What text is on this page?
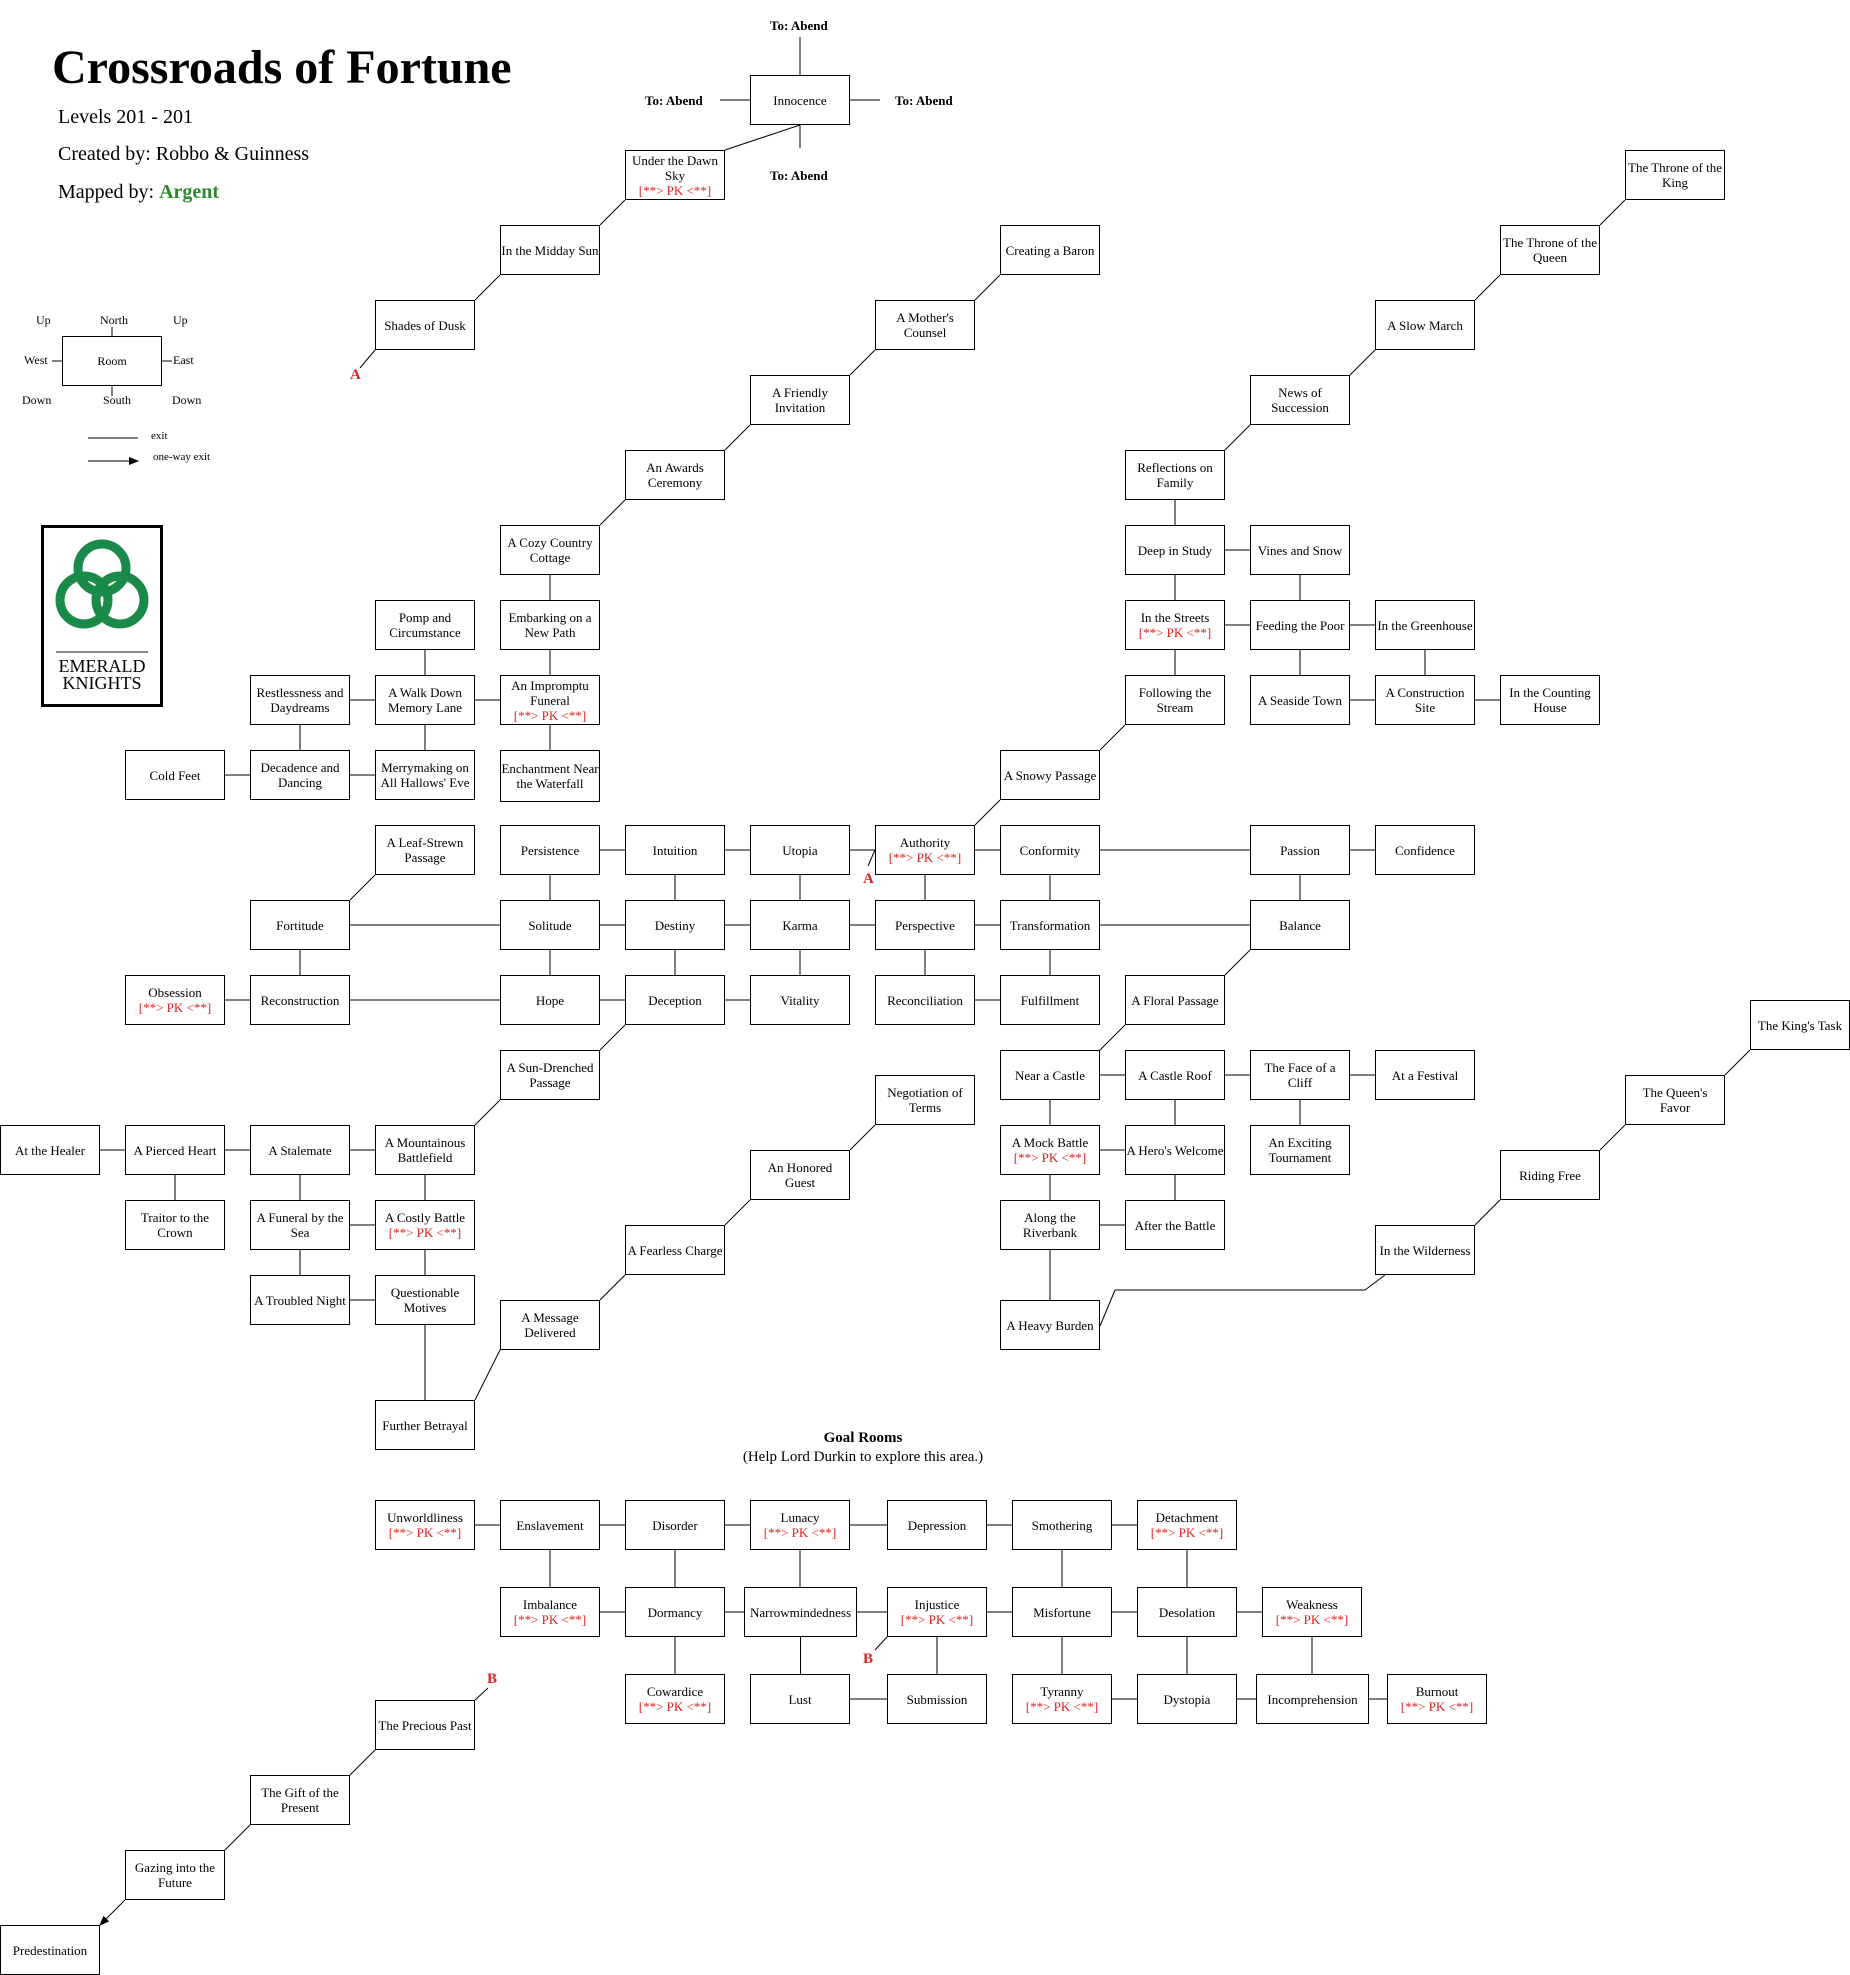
Crossroads of Fortune
Levels 201 - 201
Created by: Robbo & Guinness
Mapped by: Argent
Up	North	Up
West	Room	East
Down	South	Down
exit
one-way exit
EMERALD
KNIGHTS
To: Abend
To: Abend	To: Abend
To: Abend
A
A
B
B
Goal Rooms
(Help Lord Durkin to explore this area.)
Innocence
Under the Dawn Sky
[**> PK <**]
In the Midday Sun
Shades of Dusk
The Throne of the King
Creating a Baron	The Throne of the Queen
A Mother's Counsel	A Slow March
A Friendly Invitation
News of Succession
An Awards Ceremony
Reflections on Family
A Cozy Country Cottage	Deep in Study	Vines and Snow
Pomp and Circumstance
Embarking on a New Path
In the Streets
[**> PK <**]	Feeding the Poor	In the Greenhouse
Restlessness and Daydreams
A Walk Down Memory Lane
An Impromptu Funeral
[**> PK <**]
Following the Stream	A Seaside Town	A Construction Site
In the Counting House
Cold Feet	Decadence and Dancing
Merrymaking on All Hallows' Eve
Enchantment Near the Waterfall
A Snowy Passage
A Leaf-Strewn Passage	Persistence	Intuition	Utopia	Authority
[**> PK <**]	Conformity	Passion	Confidence
Fortitude	Solitude	Destiny	Karma	Perspective	Transformation	Balance
Obsession
[**> PK <**]	Reconstruction	Hope	Deception	Vitality	Reconciliation	Fulfillment	A Floral Passage
The King's Task
A Sun-Drenched Passage	Near a Castle	A Castle Roof	The Face of a Cliff	At a Festival
Negotiation of Terms
The Queen's Favor
At the Healer	A Pierced Heart	A Stalemate	A Mountainous Battlefield
An Honored Guest
A Mock Battle
[**> PK <**]	A Hero's Welcome	An Exciting Tournament
Riding Free
Traitor to the Crown
A Funeral by the Sea
A Costly Battle
[**> PK <**]
A Fearless Charge
Along the Riverbank	After the Battle
In the Wilderness
A Troubled Night	Questionable Motives
A Message Delivered	A Heavy Burden
Further Betrayal
Unworldliness
[**> PK <**]	Enslavement	Disorder	Lunacy
[**> PK <**]	Depression	Smothering	Detachment
[**> PK <**]
Imbalance
[**> PK <**]	Dormancy	Narrowmindedness	Injustice
[**> PK <**]	Misfortune	Desolation	Weakness
[**> PK <**]
Cowardice
[**> PK <**]	Lust	Submission	Tyranny
[**> PK <**]	Dystopia	Incomprehension	Burnout
[**> PK <**]
The Precious Past
The Gift of the Present
Gazing into the Future
Predestination
